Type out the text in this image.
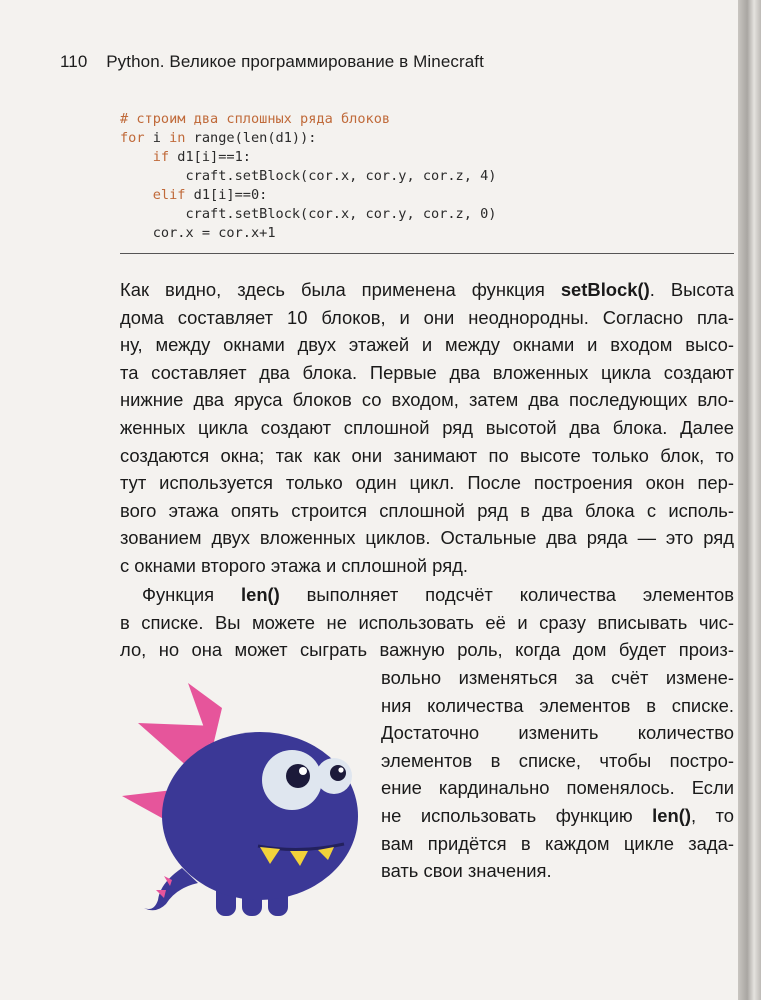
110 Python. Великое программирование в Minecraft
# строим два сплошных ряда блоков
for i in range(len(d1)):
if d1[i]==1:
craft.setBlock(cor.x, cor.y, cor.z, 4)
elif d1[i]==0:
craft.setBlock(cor.x, cor.y, cor.z, 0)
cor.x = cor.x+1
Как видно, здесь была применена функция setBlock(). Высота
дома составляет 10 блоков, и они неоднородны. Согласно пла-
ну, между окнами двух этажей и между окнами и входом высо-
та составляет два блока. Первые два вложенных цикла создают
нижние два яруса блоков со входом, затем два последующих вло-
женных цикла создают сплошной ряд высотой два блока. Далее
создаются окна; так как они занимают по высоте только блок, то
тут используется только один цикл. После построения окон пер-
вого этажа опять строится сплошной ряд в два блока с исполь-
зованием двух вложенных циклов. Остальные два ряда — это ряд
с окнами второго этажа и сплошной ряд.
Функция len() выполняет подсчёт количества элементов
в списке. Вы можете не использовать её и сразу вписывать чис-
ло, но она может сыграть важную роль, когда дом будет произ-
вольно изменяться за счёт измене-
ния количества элементов в списке.
Достаточно изменить количество
элементов в списке, чтобы постро-
ение кардинально поменялось. Если
не использовать функцию len(), то
вам придётся в каждом цикле зада-
вать свои значения.
